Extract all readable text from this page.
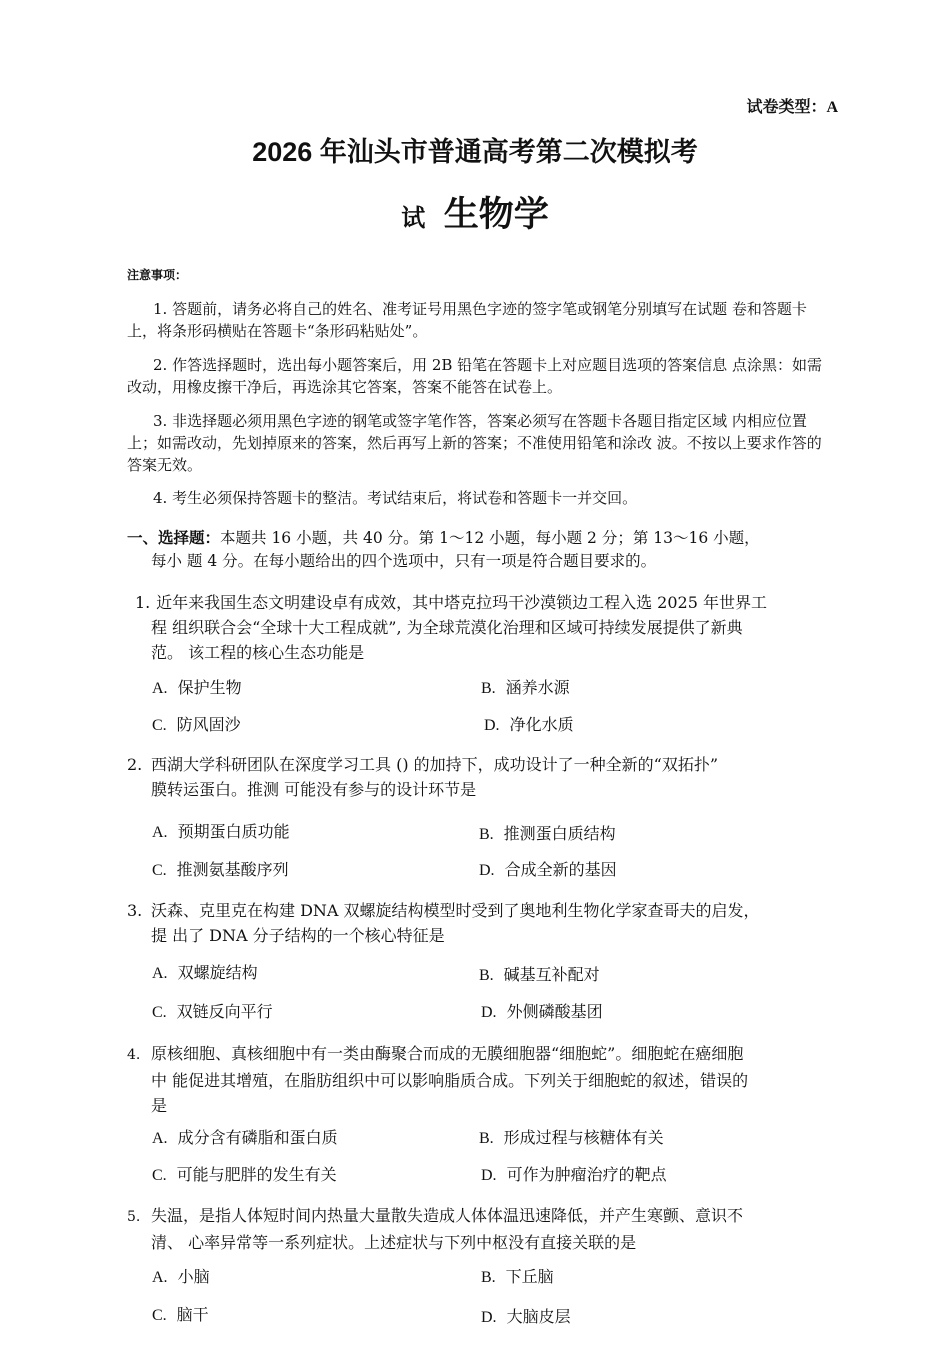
试卷类型：A
2026 年汕头市普通高考第二次模拟考
试 生物学
注意事项：
1. 答题前，请务必将自己的姓名、准考证号用黑色字迹的签字笔或钢笔分别填写在试题 卷和答题卡上，将条形码横贴在答题卡“条形码粘贴处”。
2. 作答选择题时，选出每小题答案后，用 2B 铅笔在答题卡上对应题目选项的答案信息 点涂黑：如需改动，用橡皮擦干净后，再选涂其它答案，答案不能答在试卷上。
3. 非选择题必须用黑色字迹的钢笔或签字笔作答，答案必须写在答题卡各题目指定区域 内相应位置上；如需改动，先划掉原来的答案，然后再写上新的答案；不准使用铅笔和涂改 波。不按以上要求作答的答案无效。
4. 考生必须保持答题卡的整洁。考试结束后，将试卷和答题卡一并交回。
一、选择题：本题共 16 小题，共 40 分。第 1～12 小题，每小题 2 分；第 13～16 小题，
每小 题 4 分。在每小题给出的四个选项中，只有一项是符合题目要求的。
1. 近年来我国生态文明建设卓有成效，其中塔克拉玛干沙漠锁边工程入选 2025 年世界工
程 组织联合会“全球十大工程成就”, 为全球荒漠化治理和区域可持续发展提供了新典
范。 该工程的核心生态功能是
A. 保护生物	B. 涵养水源
C. 防风固沙	D. 净化水质
2. 西湖大学科研团队在深度学习工具 () 的加持下，成功设计了一种全新的“双拓扑”
膜转运蛋白。推测 可能没有参与的设计环节是
A. 预期蛋白质功能	B. 推测蛋白质结构
C. 推测氨基酸序列	D. 合成全新的基因
3. 沃森、克里克在构建 DNA 双螺旋结构模型时受到了奥地利生物化学家查哥夫的启发，
提 出了 DNA 分子结构的一个核心特征是
A. 双螺旋结构	B. 碱基互补配对
C. 双链反向平行	D. 外侧磷酸基团
4. 原核细胞、真核细胞中有一类由酶聚合而成的无膜细胞器“细胞蛇”。细胞蛇在癌细胞
中 能促进其增殖，在脂肪组织中可以影响脂质合成。下列关于细胞蛇的叙述，错误的
是
A. 成分含有磷脂和蛋白质	B. 形成过程与核糖体有关
C. 可能与肥胖的发生有关	D. 可作为肿瘤治疗的靶点
5. 失温，是指人体短时间内热量大量散失造成人体体温迅速降低，并产生寒颤、意识不
清、 心率异常等一系列症状。上述症状与下列中枢没有直接关联的是
A. 小脑	B. 下丘脑
C. 脑干	D. 大脑皮层
